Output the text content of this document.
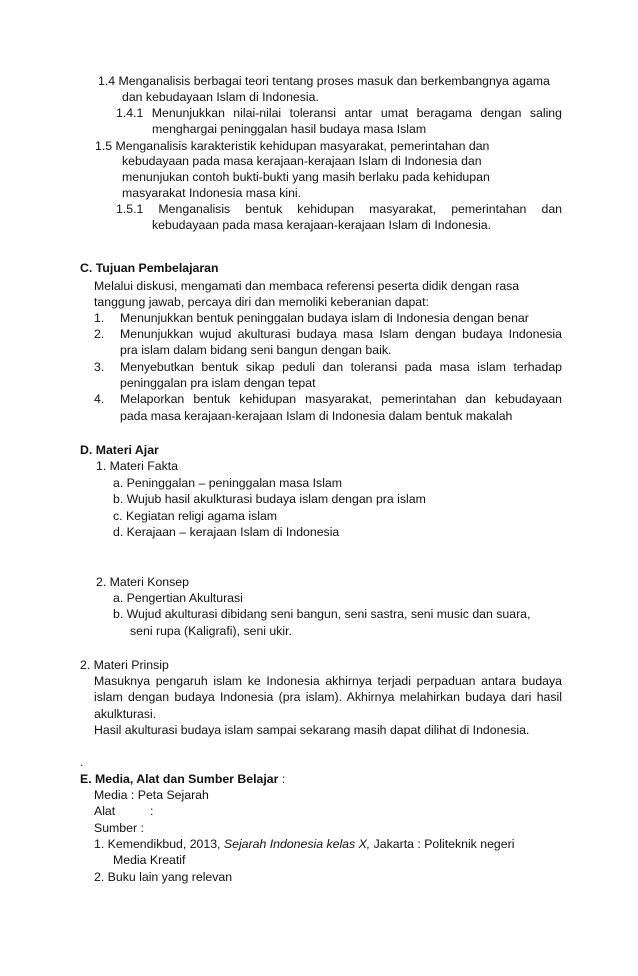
1.4 Menganalisis berbagai teori tentang proses masuk dan berkembangnya agama
dan kebudayaan Islam di Indonesia.
1.4.1 Menunjukkan nilai-nilai toleransi antar umat beragama dengan saling
menghargai peninggalan hasil budaya masa Islam
1.5 Menganalisis karakteristik kehidupan masyarakat, pemerintahan dan
kebudayaan pada masa kerajaan-kerajaan Islam di Indonesia dan
menunjukan contoh bukti-bukti yang masih berlaku pada kehidupan
masyarakat Indonesia masa kini.
1.5.1 Menganalisis bentuk kehidupan masyarakat, pemerintahan dan
kebudayaan pada masa kerajaan-kerajaan Islam di Indonesia.
C. Tujuan Pembelajaran
Melalui diskusi, mengamati dan membaca referensi peserta didik dengan rasa
tanggung jawab, percaya diri dan memoliki keberanian dapat:
1. Menunjukkan bentuk peninggalan budaya islam di Indonesia dengan benar
2. Menunjukkan wujud akulturasi budaya masa Islam dengan budaya Indonesia
pra islam dalam bidang seni bangun dengan baik.
3. Menyebutkan bentuk sikap peduli dan toleransi pada masa islam terhadap
peninggalan pra islam dengan tepat
4. Melaporkan bentuk kehidupan masyarakat, pemerintahan dan kebudayaan
pada masa kerajaan-kerajaan Islam di Indonesia dalam bentuk makalah
D. Materi Ajar
1. Materi Fakta
a. Peninggalan – peninggalan masa Islam
b. Wujub hasil akulkturasi budaya islam dengan pra islam
c. Kegiatan religi agama islam
d. Kerajaan – kerajaan Islam di Indonesia
2. Materi Konsep
a. Pengertian Akulturasi
b. Wujud akulturasi dibidang seni bangun, seni sastra, seni music dan suara,
seni rupa (Kaligrafi), seni ukir.
2. Materi Prinsip
Masuknya pengaruh islam ke Indonesia akhirnya terjadi perpaduan antara budaya
islam dengan budaya Indonesia (pra islam). Akhirnya melahirkan budaya dari hasil
akulkturasi.
Hasil akulturasi budaya islam sampai sekarang masih dapat dilihat di Indonesia.
.
E. Media, Alat dan Sumber Belajar :
Media : Peta Sejarah
Alat	:
Sumber :
1. Kemendikbud, 2013, Sejarah Indonesia kelas X, Jakarta : Politeknik negeri
Media Kreatif
2. Buku lain yang relevan
